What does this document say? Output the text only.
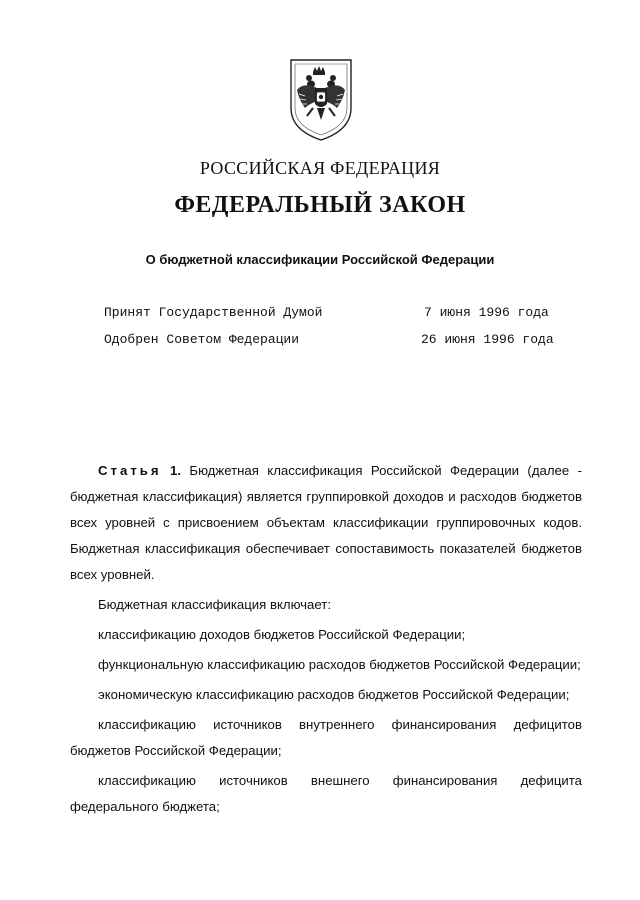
РОССИЙСКАЯ ФЕДЕРАЦИЯ
ФЕДЕРАЛЬНЫЙ ЗАКОН
О бюджетной классификации Российской Федерации
Принят Государственной Думой	7 июня 1996 года
Одобрен Советом Федерации	26 июня 1996 года

Статья 1. Бюджетная классификация Российской Федерации (далее - бюджетная классификация) является группировкой доходов и расходов бюджетов всех уровней с присвоением объектам классификации группировочных кодов. Бюджетная классификация обеспечивает сопоставимость показателей бюджетов всех уровней.

Бюджетная классификация включает:

классификацию доходов бюджетов Российской Федерации;

функциональную классификацию расходов бюджетов Российской Федерации;

экономическую классификацию расходов бюджетов Российской Федерации;

классификацию источников внутреннего финансирования дефицитов бюджетов Российской Федерации;

классификацию источников внешнего финансирования дефицита федерального бюджета;
